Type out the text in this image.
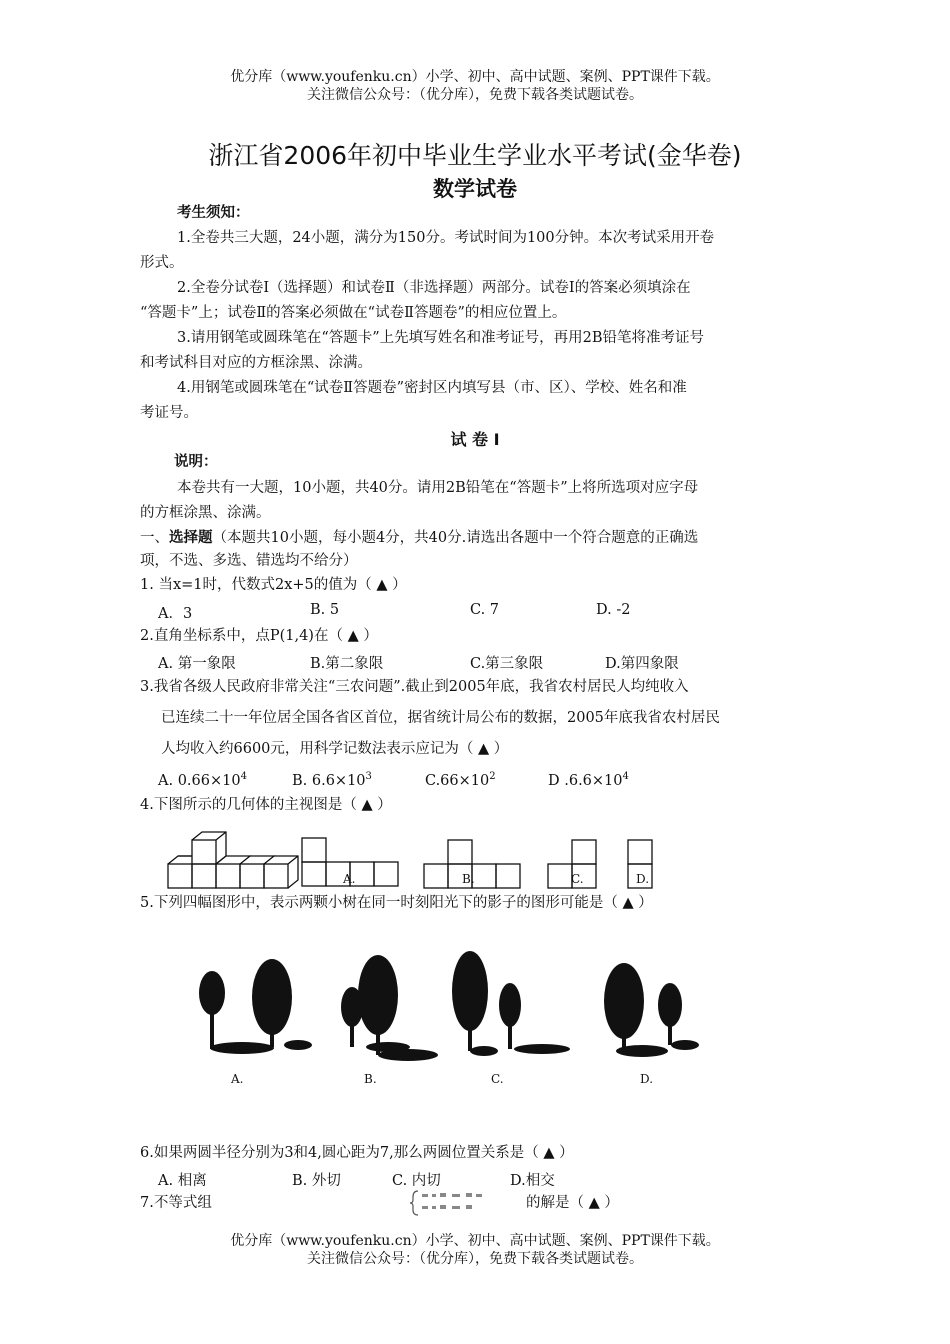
优分库（www.youfenku.cn）小学、初中、高中试题、案例、PPT课件下载。
关注微信公众号：（优分库），免费下载各类试题试卷。
浙江省2006年初中毕业生学业水平考试(金华卷)
数学试卷
考生须知：
1.全卷共三大题，24小题，满分为150分。考试时间为100分钟。本次考试采用开卷
形式。
2.全卷分试卷Ⅰ（选择题）和试卷Ⅱ（非选择题）两部分。试卷Ⅰ的答案必须填涂在
“答题卡”上；试卷Ⅱ的答案必须做在“试卷Ⅱ答题卷”的相应位置上。
3.请用钢笔或圆珠笔在“答题卡”上先填写姓名和准考证号，再用2B铅笔将准考证号
和考试科目对应的方框涂黑、涂满。
4.用钢笔或圆珠笔在“试卷Ⅱ答题卷”密封区内填写县（市、区）、学校、姓名和准
考证号。
试 卷 Ⅰ
说明：
本卷共有一大题，10小题，共40分。请用2B铅笔在“答题卡”上将所选项对应字母
的方框涂黑、涂满。
一、选择题（本题共10小题，每小题4分，共40分.请选出各题中一个符合题意的正确选
项，不选、多选、错选均不给分）
1. 当x=1时，代数式2x+5的值为（ ▲ ）
A．3	B. 5	C. 7	D. -2
2.直角坐标系中，点P(1,4)在（ ▲ ）
A. 第一象限	B.第二象限	C.第三象限	D.第四象限
3.我省各级人民政府非常关注“三农问题”.截止到2005年底，我省农村居民人均纯收入
已连续二十一年位居全国各省区首位，据省统计局公布的数据，2005年底我省农村居民
人均收入约6600元，用科学记数法表示应记为（ ▲ ）
A. $0.66\times 10^4$	B. $6.6\times 10^3$	$C.66\times 10^2$	D $.6.6\times 10^4$
4.下图所示的几何体的主视图是（ ▲ ）
A.	B.	C.	D.
5.下列四幅图形中，表示两颗小树在同一时刻阳光下的影子的图形可能是（ ▲ ）
A.	B.	C.	D.
6.如果两圆半径分别为3和4,圆心距为7,那么两圆位置关系是（ ▲ ）
A. 相离	B. 外切	C. 内切	D.相交
7.不等式组	的解是（ ▲ ）
优分库（www.youfenku.cn）小学、初中、高中试题、案例、PPT课件下载。
关注微信公众号：（优分库），免费下载各类试题试卷。
